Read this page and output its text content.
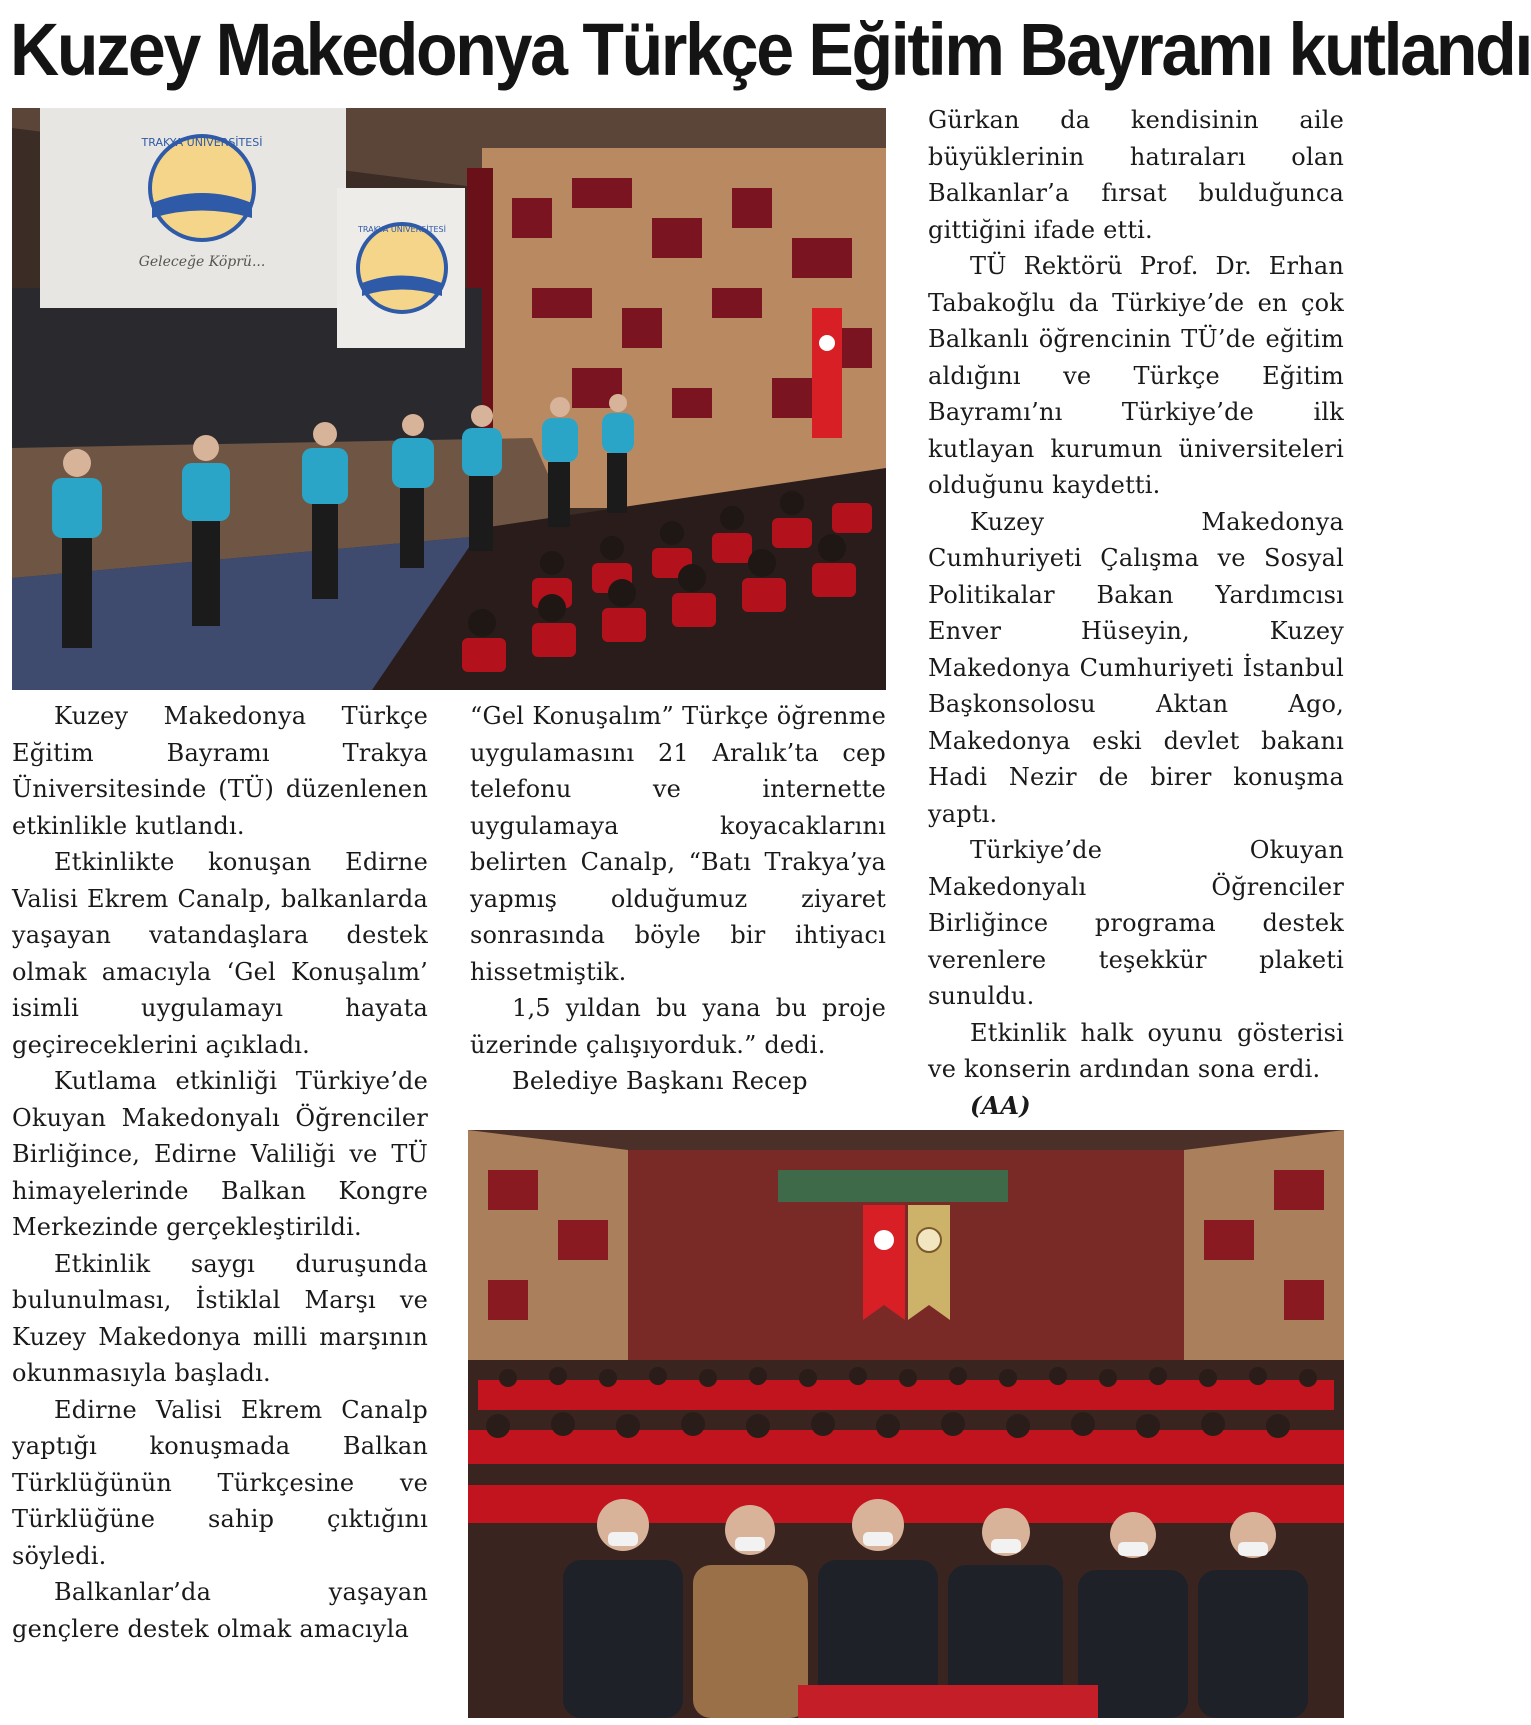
Kuzey Makedonya Türkçe Eğitim Bayramı kutlandı
TRAKYA ÜNİVERSİTESİ
Geleceğe Köprü...
TRAKYA ÜNİVERSİTESİ

Kuzey Makedonya Türkçe Eğitim Bayramı Trakya Üniversitesinde (TÜ) düzenlenen etkinlikle kutlandı.

Etkinlikte konuşan Edirne Valisi Ekrem Canalp, balkanlarda yaşayan vatandaşlara destek olmak amacıyla ‘Gel Konuşalım’ isimli uygulamayı hayata geçireceklerini açıkladı.

Kutlama etkinliği Türkiye’de Okuyan Makedonyalı Öğrenciler Birliğince, Edirne Valiliği ve TÜ himayelerinde Balkan Kongre Merkezinde gerçekleştirildi.

Etkinlik saygı duruşunda bulunulması, İstiklal Marşı ve Kuzey Makedonya milli marşının okunmasıyla başladı.

Edirne Valisi Ekrem Canalp yaptığı konuşmada Balkan Türklüğünün Türkçesine ve Türklüğüne sahip çıktığını söyledi.

Balkanlar’da yaşayan gençlere destek olmak amacıyla

“Gel Konuşalım” Türkçe öğrenme uygulamasını 21 Aralık’ta cep telefonu ve internette uygulamaya koyacaklarını belirten Canalp, “Batı Trakya’ya yapmış olduğumuz ziyaret sonrasında böyle bir ihtiyacı hissetmiştik.

1,5 yıldan bu yana bu proje üzerinde çalışıyorduk.” dedi.

Belediye Başkanı Recep

Gürkan da kendisinin aile büyüklerinin hatıraları olan Balkanlar’a fırsat bulduğunca gittiğini ifade etti.

TÜ Rektörü Prof. Dr. Erhan Tabakoğlu da Türkiye’de en çok Balkanlı öğrencinin TÜ’de eğitim aldığını ve Türkçe Eğitim Bayramı’nı Türkiye’de ilk kutlayan kurumun üniversiteleri olduğunu kaydetti.

Kuzey Makedonya Cumhuriyeti Çalışma ve Sosyal Politikalar Bakan Yardımcısı Enver Hüseyin, Kuzey Makedonya Cumhuriyeti İstanbul Başkonsolosu Aktan Ago, Makedonya eski devlet bakanı Hadi Nezir de birer konuşma yaptı.

Türkiye’de Okuyan Makedonyalı Öğrenciler Birliğince programa destek verenlere teşekkür plaketi sunuldu.

Etkinlik halk oyunu gösterisi ve konserin ardından sona erdi.

(AA)
